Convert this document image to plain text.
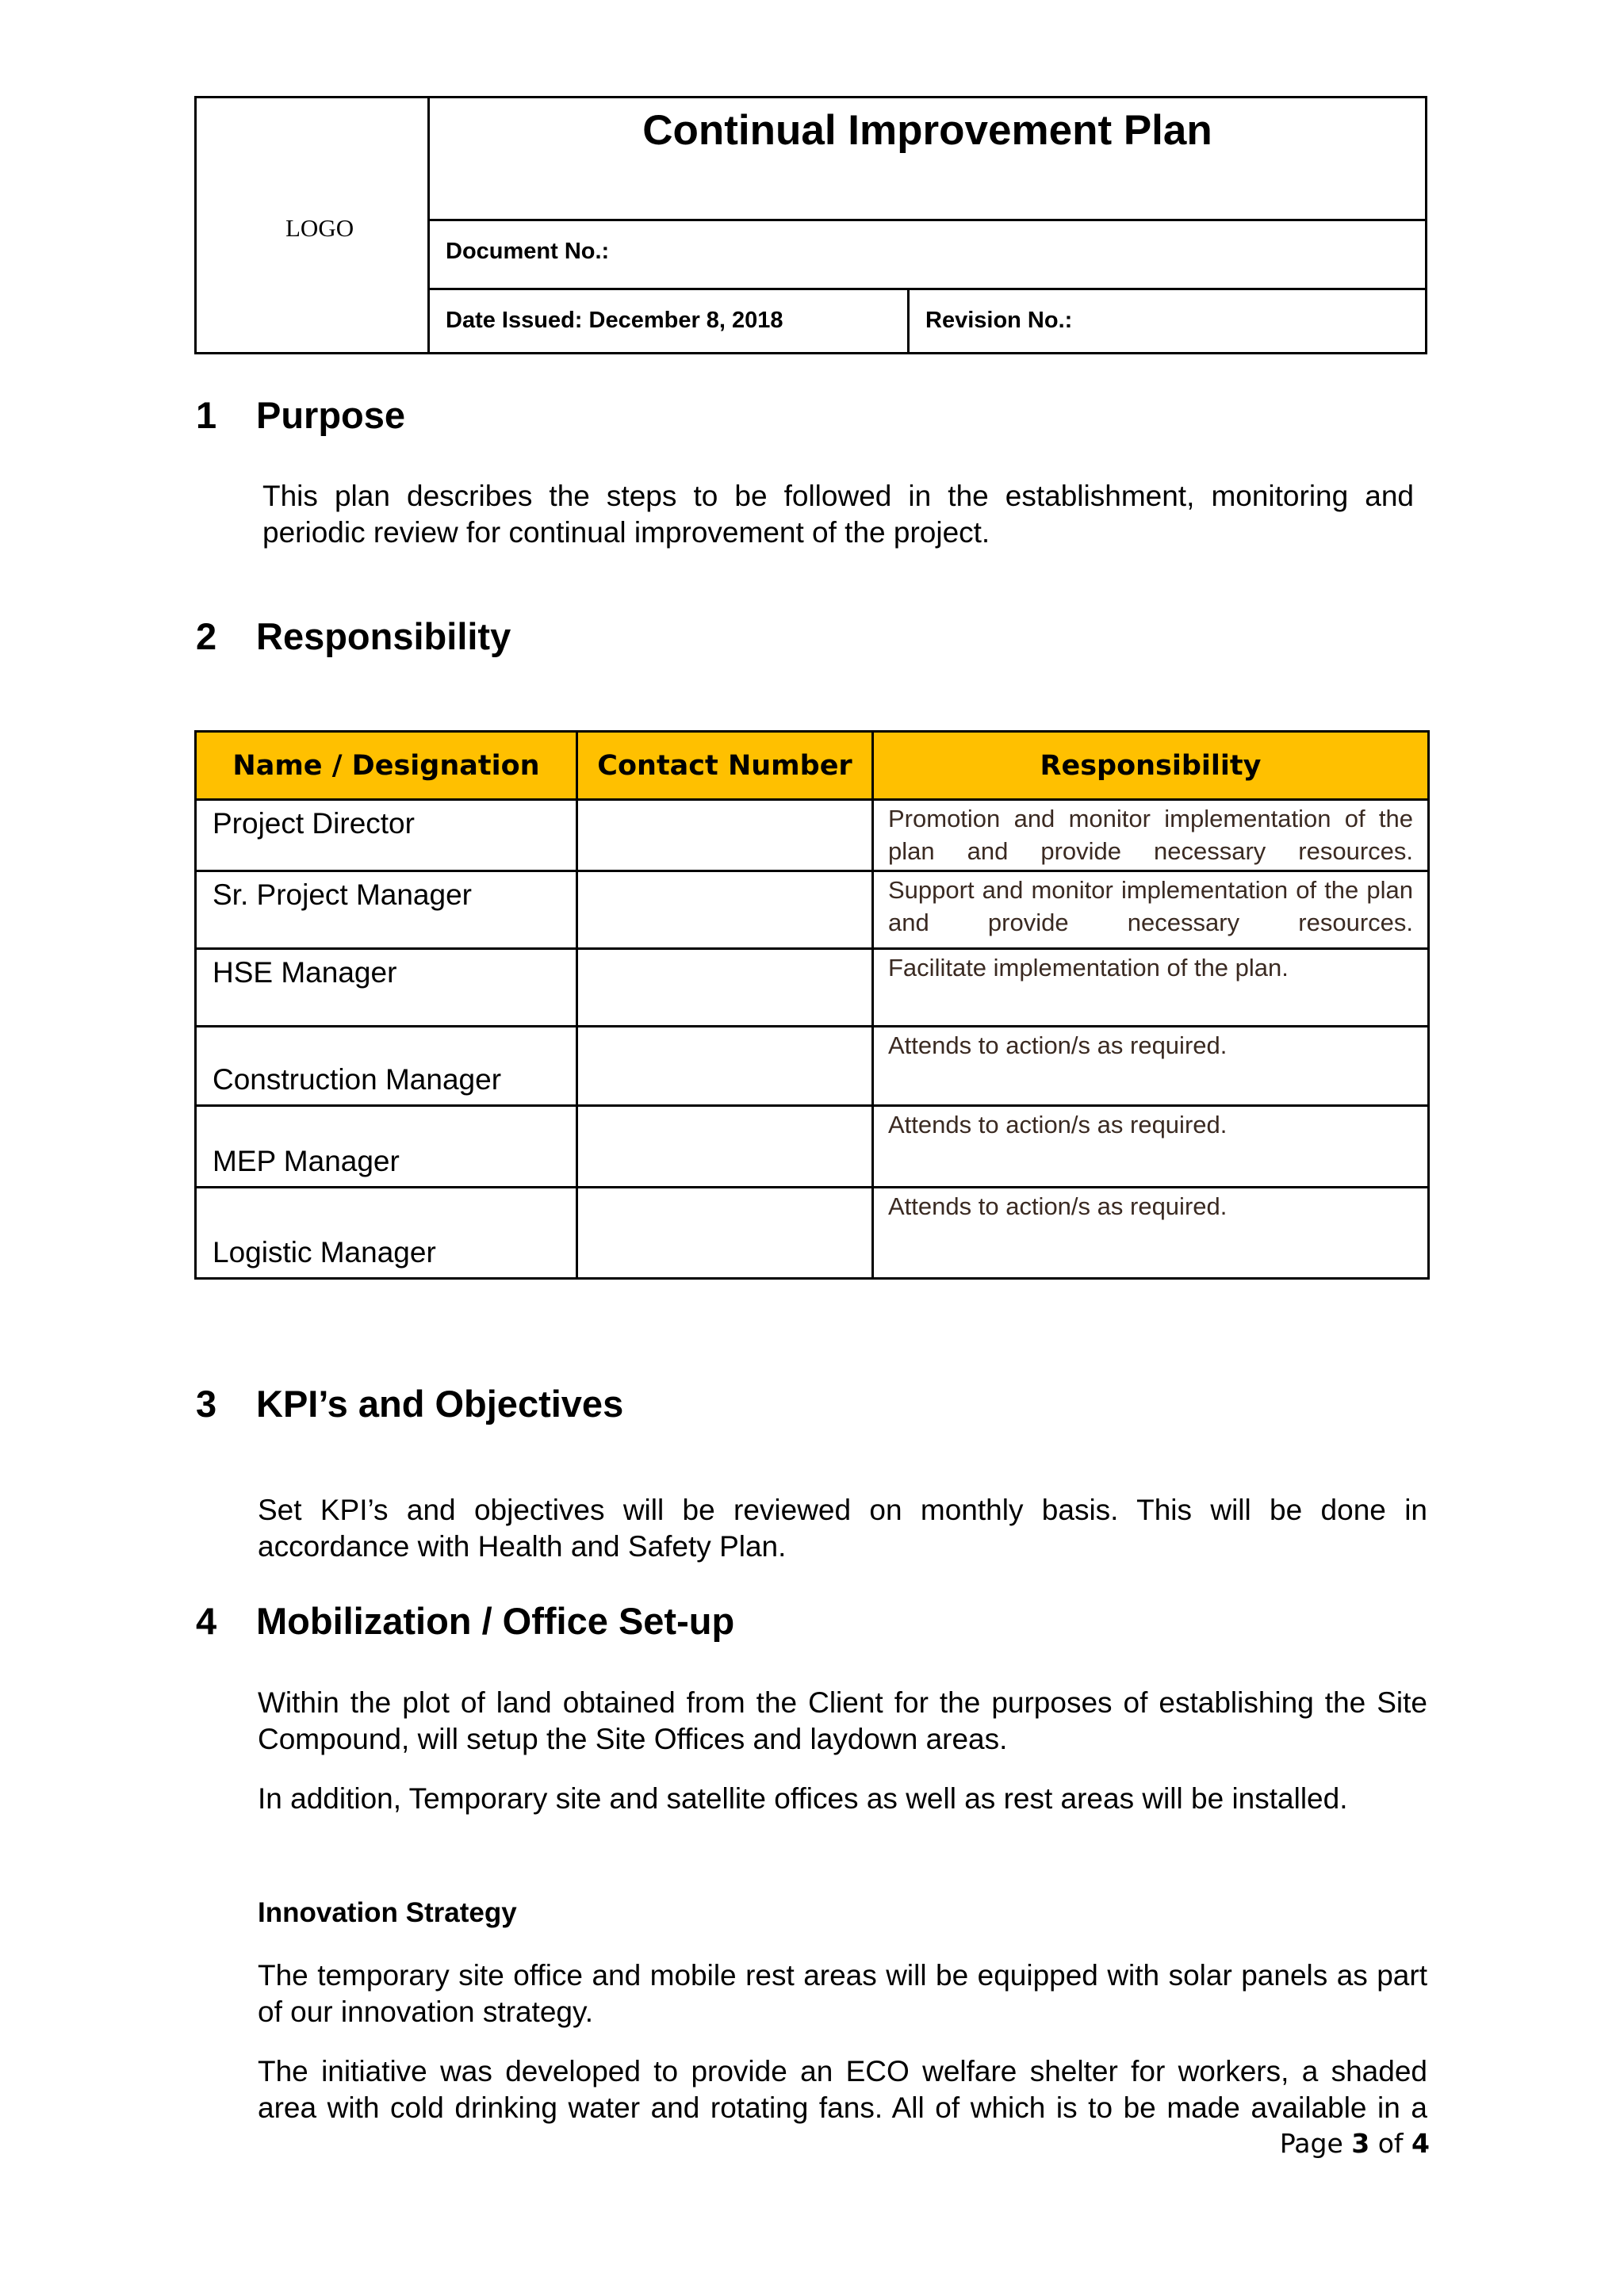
LOGO
Continual Improvement Plan
Document No.:
Date Issued: December 8, 2018	Revision No.:
1 Purpose
This plan describes the steps to be followed in the establishment, monitoring and periodic review for continual improvement of the project.
2 Responsibility
Name / Designation	Contact Number	Responsibility
Project Director		Promotion and monitor implementation of the plan and provide necessary resources.
Sr. Project Manager		Support and monitor implementation of the plan and provide necessary resources.
HSE Manager		Facilitate implementation of the plan.
Construction Manager		Attends to action/s as required.
MEP Manager		Attends to action/s as required.
Logistic Manager		Attends to action/s as required.
3 KPI’s and Objectives
Set KPI’s and objectives will be reviewed on monthly basis. This will be done in accordance with Health and Safety Plan.
4 Mobilization / Office Set-up
Within the plot of land obtained from the Client for the purposes of establishing the Site Compound, will setup the Site Offices and laydown areas.
In addition, Temporary site and satellite offices as well as rest areas will be installed.
Innovation Strategy
The temporary site office and mobile rest areas will be equipped with solar panels as part of our innovation strategy.
The initiative was developed to provide an ECO welfare shelter for workers, a shaded area with cold drinking water and rotating fans. All of which is to be made available in a
Page 3 of 4
